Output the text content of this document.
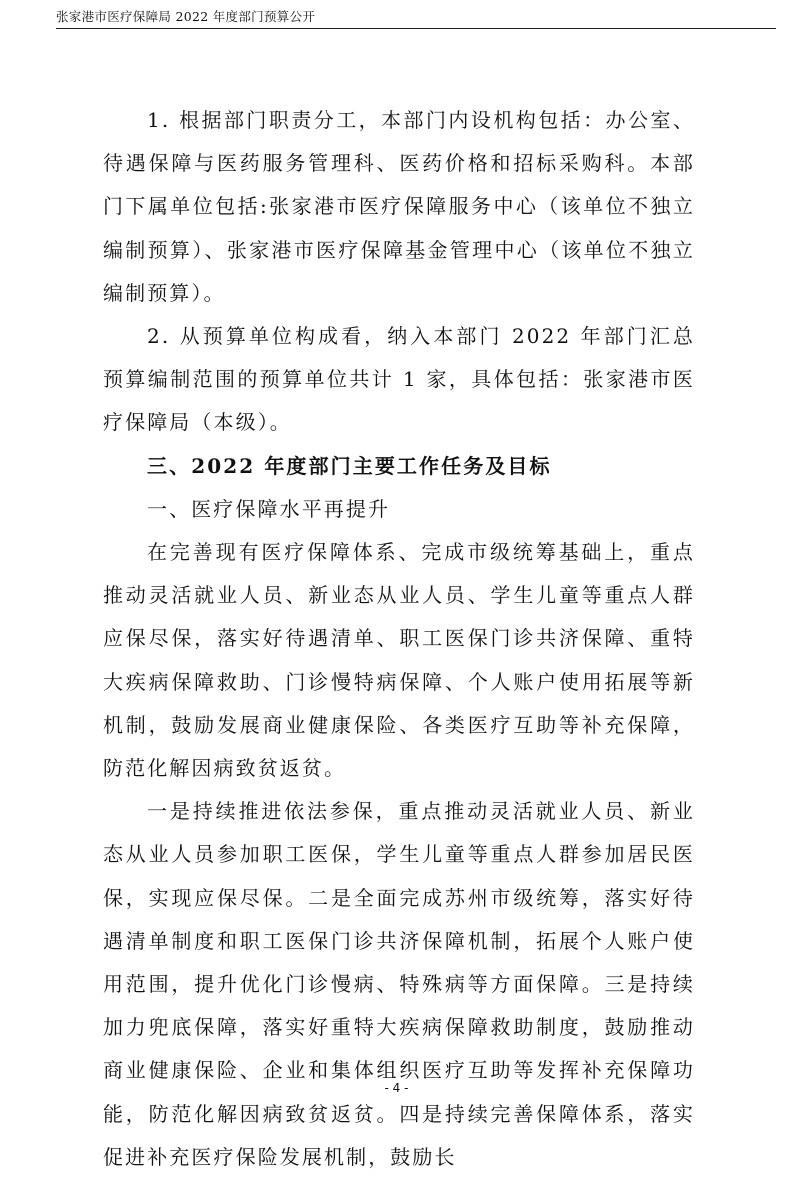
张家港市医疗保障局 2022 年度部门预算公开

1. 根据部门职责分工，本部门内设机构包括：办公室、待遇保障与医药服务管理科、医药价格和招标采购科。本部门下属单位包括:张家港市医疗保障服务中心（该单位不独立编制预算）、张家港市医疗保障基金管理中心（该单位不独立编制预算）。

2. 从预算单位构成看，纳入本部门 2022 年部门汇总预算编制范围的预算单位共计 1 家，具体包括：张家港市医疗保障局（本级）。

三、2022 年度部门主要工作任务及目标

一、医疗保障水平再提升

在完善现有医疗保障体系、完成市级统筹基础上，重点推动灵活就业人员、新业态从业人员、学生儿童等重点人群应保尽保，落实好待遇清单、职工医保门诊共济保障、重特大疾病保障救助、门诊慢特病保障、个人账户使用拓展等新机制，鼓励发展商业健康保险、各类医疗互助等补充保障，防范化解因病致贫返贫。

一是持续推进依法参保，重点推动灵活就业人员、新业态从业人员参加职工医保，学生儿童等重点人群参加居民医保，实现应保尽保。二是全面完成苏州市级统筹，落实好待遇清单制度和职工医保门诊共济保障机制，拓展个人账户使用范围，提升优化门诊慢病、特殊病等方面保障。三是持续加力兜底保障，落实好重特大疾病保障救助制度，鼓励推动商业健康保险、企业和集体组织医疗互助等发挥补充保障功能，防范化解因病致贫返贫。四是持续完善保障体系，落实促进补充医疗保险发展机制，鼓励长

- 4 -
